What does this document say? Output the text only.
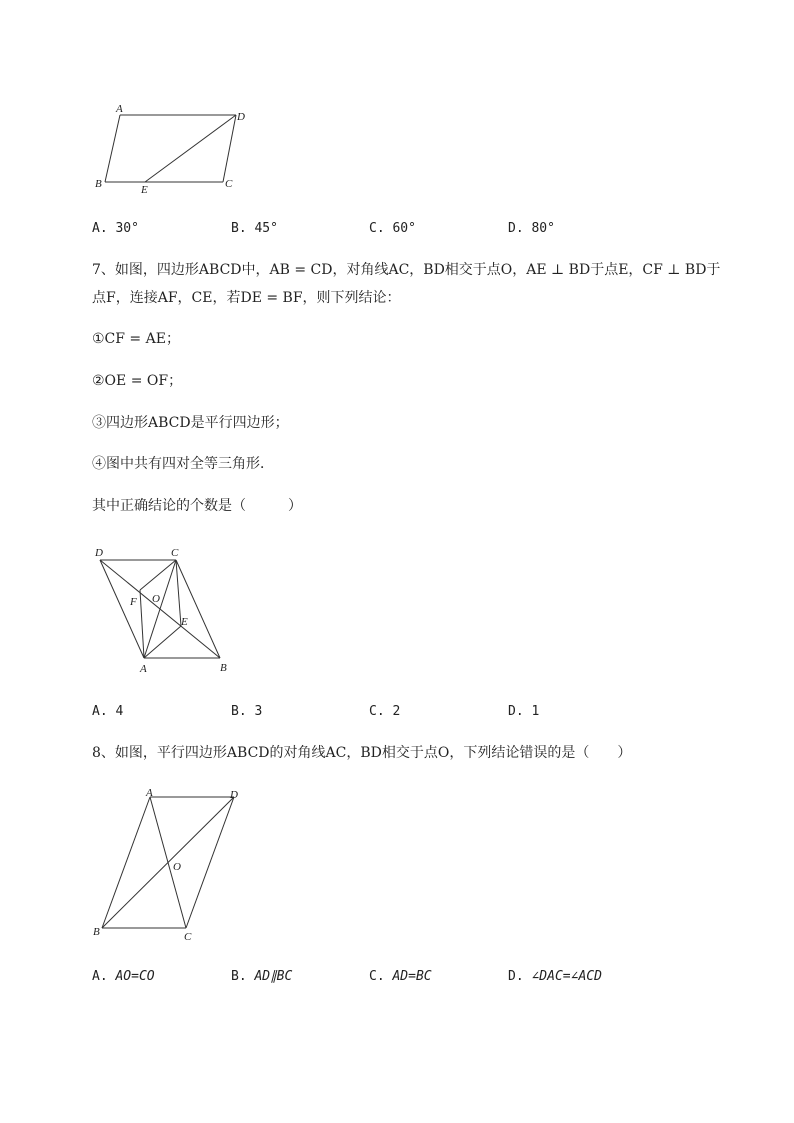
A
D
B	E	C
A. 30°	B. 45°	C. 60°	D. 80°
7、如图，四边形ABCD中，AB = CD，对角线AC，BD相交于点O，AE ⊥ BD于点E，CF ⊥ BD于
点F，连接AF，CE，若DE = BF，则下列结论：
①CF = AE；
②OE = OF；
③四边形ABCD是平行四边形；
④图中共有四对全等三角形．
其中正确结论的个数是（　　　）
D	C
F O
E
A	B
A. 4	B. 3	C. 2	D. 1
8、如图，平行四边形ABCD的对角线AC，BD相交于点O，下列结论错误的是（　　）
A	D
O
B	C
A. AO=CO	B. AD∥BC	C. AD=BC	D. ∠DAC=∠ACD
